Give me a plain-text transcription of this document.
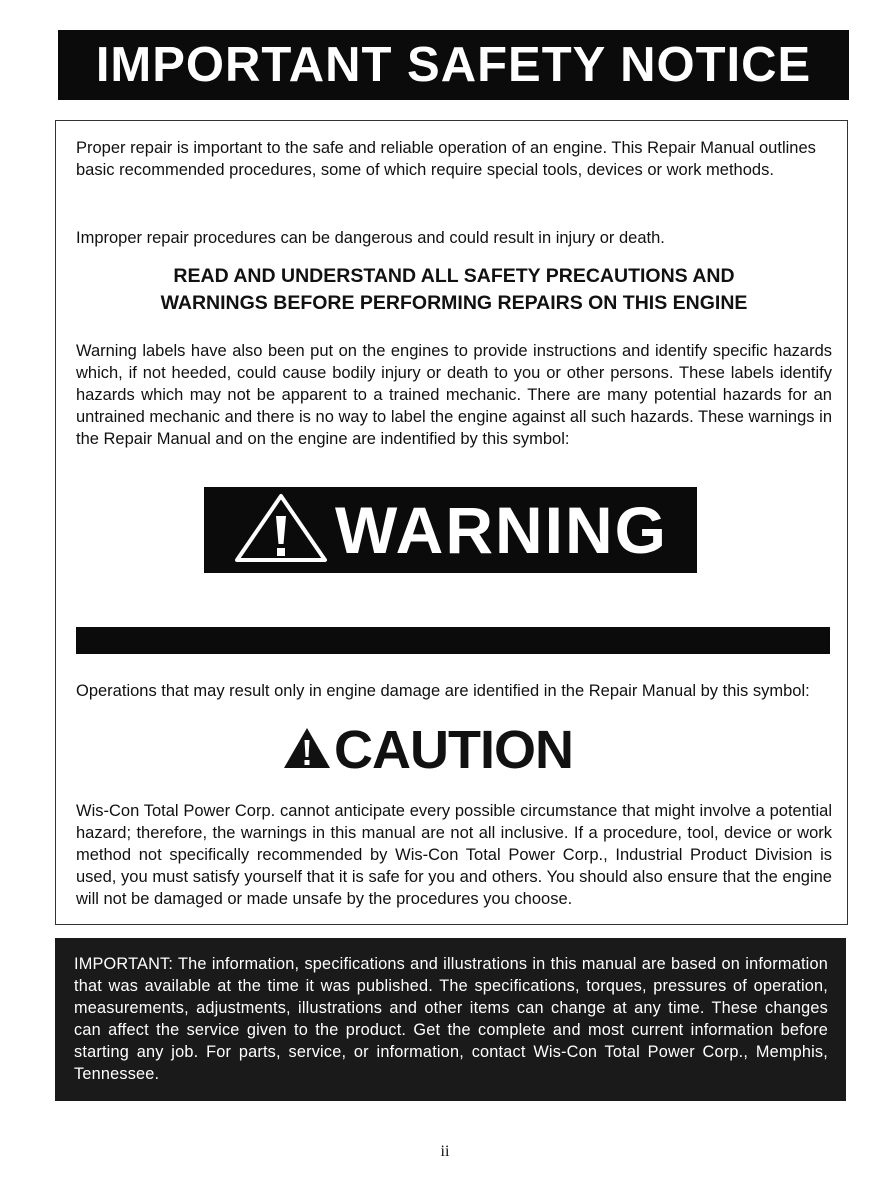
IMPORTANT SAFETY NOTICE

Proper repair is important to the safe and reliable operation of an engine. This Repair Manual outlines basic recommended procedures, some of which require special tools, devices or work methods.

Improper repair procedures can be dangerous and could result in injury or death.

READ AND UNDERSTAND ALL SAFETY PRECAUTIONS AND

WARNINGS BEFORE PERFORMING REPAIRS ON THIS ENGINE

Warning labels have also been put on the engines to provide instructions and identify specific hazards which, if not heeded, could cause bodily injury or death to you or other persons. These labels identify hazards which may not be apparent to a trained mechanic. There are many potential hazards for an untrained mechanic and there is no way to label the engine against all such hazards. These warnings in the Repair Manual and on the engine are indentified by this symbol:

WARNING

Operations that may result only in engine damage are identified in the Repair Manual by this symbol:

CAUTION

Wis-Con Total Power Corp. cannot anticipate every possible circumstance that might involve a potential hazard; therefore, the warnings in this manual are not all inclusive. If a procedure, tool, device or work method not specifically recommended by Wis-Con Total Power Corp., Industrial Product Division is used, you must satisfy yourself that it is safe for you and others. You should also ensure that the engine will not be damaged or made unsafe by the procedures you choose.

IMPORTANT: The information, specifications and illustrations in this manual are based on information that was available at the time it was published. The specifications, torques, pressures of operation, measurements, adjustments, illustrations and other items can change at any time. These changes can affect the service given to the product. Get the complete and most current information before starting any job. For parts, service, or information, contact Wis-Con Total Power Corp., Memphis, Tennessee.

ii
